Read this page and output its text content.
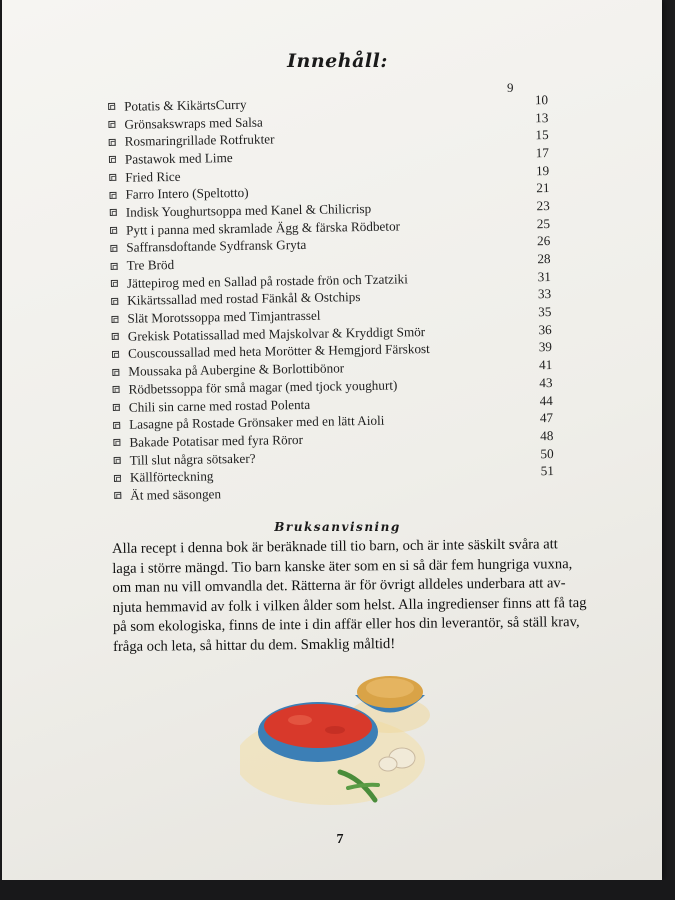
Innehåll:
9
Potatis & KikärtsCurry	10
Grönsakswraps med Salsa	13
Rosmaringrillade Rotfrukter	15
Pastawok med Lime	17
Fried Rice	19
Farro Intero (Speltotto)	21
Indisk Youghurtsoppa med Kanel & Chilicrisp	23
Pytt i panna med skramlade Ägg & färska Rödbetor	25
Saffransdoftande Sydfransk Gryta	26
Tre Bröd	28
Jättepirog med en Sallad på rostade frön och Tzatziki	31
Kikärtssallad med rostad Fänkål & Ostchips	33
Slät Morotssoppa med Timjantrassel	35
Grekisk Potatissallad med Majskolvar & Kryddigt Smör	36
Couscoussallad med heta Morötter & Hemgjord Färskost	39
Moussaka på Aubergine & Borlottibönor	41
Rödbetssoppa för små magar (med tjock youghurt)	43
Chili sin carne med rostad Polenta	44
Lasagne på Rostade Grönsaker med en lätt Aioli	47
Bakade Potatisar med fyra Röror	48
Till slut några sötsaker?	50
Källförteckning	51
Ät med säsongen
Bruksanvisning
Alla recept i denna bok är beräknade till tio barn, och är inte säskilt svåra att
laga i större mängd. Tio barn kanske äter som en si så där fem hungriga vuxna,
om man nu vill omvandla det. Rätterna är för övrigt alldeles underbara att av-
njuta hemmavid av folk i vilken ålder som helst. Alla ingredienser finns att få tag
på som ekologiska, finns de inte i din affär eller hos din leverantör, så ställ krav,
fråga och leta, så hittar du dem. Smaklig måltid!
7
